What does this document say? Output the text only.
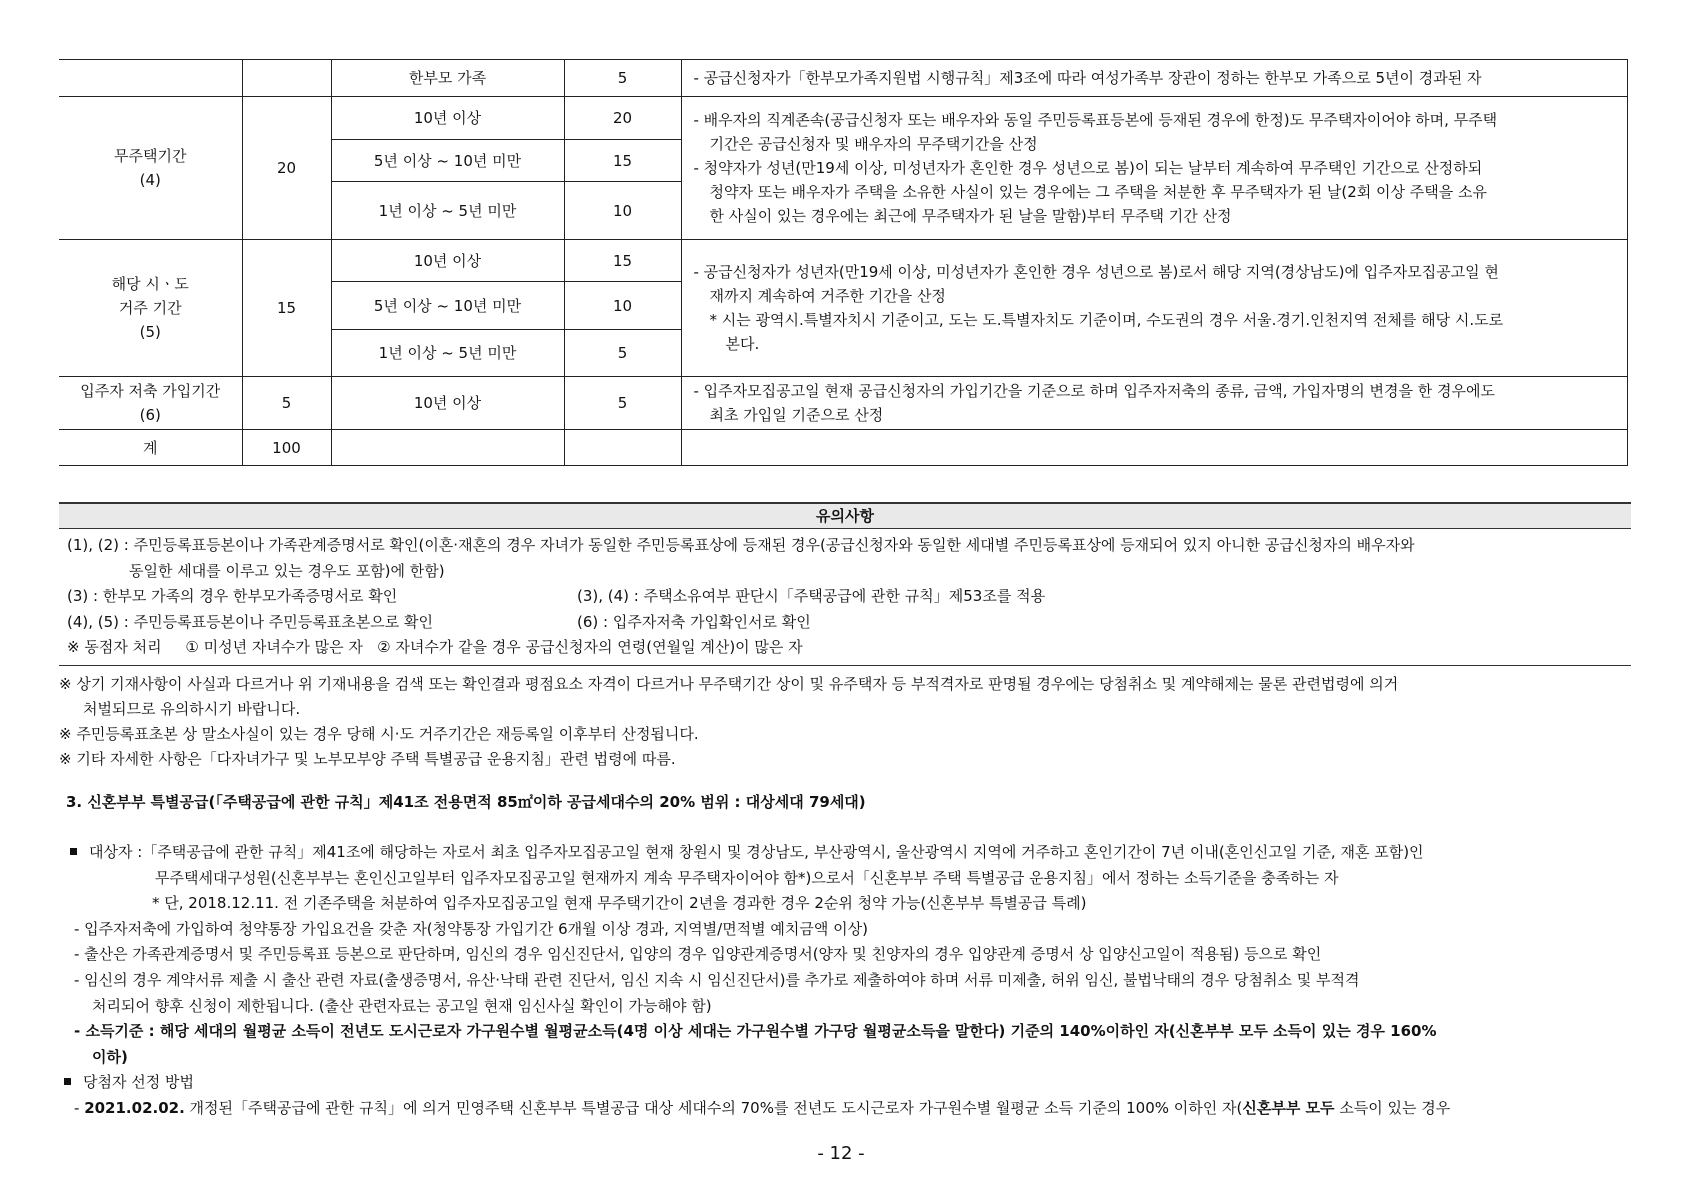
		한부모 가족	5	- 공급신청자가「한부모가족지원법 시행규칙」제3조에 따라 여성가족부 장관이 정하는 한부모 가족으로 5년이 경과된 자

무주택기간
(4)	20	10년 이상	20	- 배우자의 직계존속(공급신청자 또는 배우자와 동일 주민등록표등본에 등재된 경우에 한정)도 무주택자이어야 하며, 무주택
기간은 공급신청자 및 배우자의 무주택기간을 산정
- 청약자가 성년(만19세 이상, 미성년자가 혼인한 경우 성년으로 봄)이 되는 날부터 계속하여 무주택인 기간으로 산정하되
청약자 또는 배우자가 주택을 소유한 사실이 있는 경우에는 그 주택을 처분한 후 무주택자가 된 날(2회 이상 주택을 소유
한 사실이 있는 경우에는 최근에 무주택자가 된 날을 말함)부터 무주택 기간 산정

		5년 이상 ~ 10년 미만	15	
		1년 이상 ~ 5년 미만	10	

해당 시ㆍ도
거주 기간
(5)	15	10년 이상	15	- 공급신청자가 성년자(만19세 이상, 미성년자가 혼인한 경우 성년으로 봄)로서 해당 지역(경상남도)에 입주자모집공고일 현
재까지 계속하여 거주한 기간을 산정
* 시는 광역시.특별자치시 기준이고, 도는 도.특별자치도 기준이며, 수도권의 경우 서울.경기.인천지역 전체를 해당 시.도로
본다.

		5년 이상 ~ 10년 미만	10	
		1년 이상 ~ 5년 미만	5	

입주자 저축 가입기간
(6)	5	10년 이상	5	- 입주자모집공고일 현재 공급신청자의 가입기간을 기준으로 하며 입주자저축의 종류, 금액, 가입자명의 변경을 한 경우에도
최초 가입일 기준으로 산정

계	100			
유의사항
(1), (2) : 주민등록표등본이나 가족관계증명서로 확인(이혼·재혼의 경우 자녀가 동일한 주민등록표상에 등재된 경우(공급신청자와 동일한 세대별 주민등록표상에 등재되어 있지 아니한 공급신청자의 배우자와
동일한 세대를 이루고 있는 경우도 포함)에 한함)
(3) : 한부모 가족의 경우 한부모가족증명서로 확인	(3), (4) : 주택소유여부 판단시「주택공급에 관한 규칙」제53조를 적용
(4), (5) : 주민등록표등본이나 주민등록표초본으로 확인	(6) : 입주자저축 가입확인서로 확인
※ 동점자 처리     ① 미성년 자녀수가 많은 자   ② 자녀수가 같을 경우 공급신청자의 연령(연월일 계산)이 많은 자
※ 상기 기재사항이 사실과 다르거나 위 기재내용을 검색 또는 확인결과 평점요소 자격이 다르거나 무주택기간 상이 및 유주택자 등 부적격자로 판명될 경우에는 당첨취소 및 계약해제는 물론 관련법령에 의거
처벌되므로 유의하시기 바랍니다.
※ 주민등록표초본 상 말소사실이 있는 경우 당해 시·도 거주기간은 재등록일 이후부터 산정됩니다.
※ 기타 자세한 사항은「다자녀가구 및 노부모부양 주택 특별공급 운용지침」관련 법령에 따름.
3. 신혼부부 특별공급(「주택공급에 관한 규칙」제41조 전용면적 85㎡이하 공급세대수의 20% 범위 : 대상세대 79세대)
대상자 :「주택공급에 관한 규칙」제41조에 해당하는 자로서 최초 입주자모집공고일 현재 창원시 및 경상남도, 부산광역시, 울산광역시 지역에 거주하고 혼인기간이 7년 이내(혼인신고일 기준, 재혼 포함)인
무주택세대구성원(신혼부부는 혼인신고일부터 입주자모집공고일 현재까지 계속 무주택자이어야 함*)으로서「신혼부부 주택 특별공급 운용지침」에서 정하는 소득기준을 충족하는 자
* 단, 2018.12.11. 전 기존주택을 처분하여 입주자모집공고일 현재 무주택기간이 2년을 경과한 경우 2순위 청약 가능(신혼부부 특별공급 특례)
- 입주자저축에 가입하여 청약통장 가입요건을 갖춘 자(청약통장 가입기간 6개월 이상 경과, 지역별/면적별 예치금액 이상)
- 출산은 가족관계증명서 및 주민등록표 등본으로 판단하며, 임신의 경우 임신진단서, 입양의 경우 입양관계증명서(양자 및 친양자의 경우 입양관계 증명서 상 입양신고일이 적용됨) 등으로 확인
- 임신의 경우 계약서류 제출 시 출산 관련 자료(출생증명서, 유산·낙태 관련 진단서, 임신 지속 시 임신진단서)를 추가로 제출하여야 하며 서류 미제출, 허위 임신, 불법낙태의 경우 당첨취소 및 부적격
처리되어 향후 신청이 제한됩니다. (출산 관련자료는 공고일 현재 임신사실 확인이 가능해야 함)
- 소득기준 : 해당 세대의 월평균 소득이 전년도 도시근로자 가구원수별 월평균소득(4명 이상 세대는 가구원수별 가구당 월평균소득을 말한다) 기준의 140%이하인 자(신혼부부 모두 소득이 있는 경우 160%
이하)
당첨자 선정 방법
- 2021.02.02. 개정된「주택공급에 관한 규칙」에 의거 민영주택 신혼부부 특별공급 대상 세대수의 70%를 전년도 도시근로자 가구원수별 월평균 소득 기준의 100% 이하인 자(신혼부부 모두 소득이 있는 경우
- 12 -
